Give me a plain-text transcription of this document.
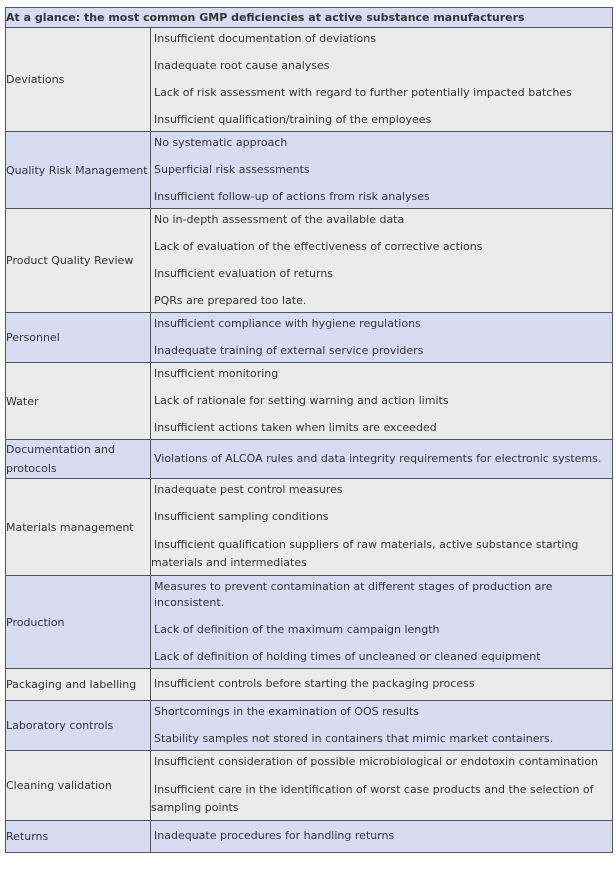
At a glance: the most common GMP deficiencies at active substance manufacturers	
Deviations	Insufficient documentation of deviations
Inadequate root cause analyses
Lack of risk assessment with regard to further potentially impacted batches
Insufficient qualification/training of the employees

Quality Risk Management	No systematic approach
Superficial risk assessments
Insufficient follow-up of actions from risk analyses

Product Quality Review	No in-depth assessment of the available data
Lack of evaluation of the effectiveness of corrective actions
Insufficient evaluation of returns
PQRs are prepared too late.

Personnel	Insufficient compliance with hygiene regulations
Inadequate training of external service providers

Water	Insufficient monitoring
Lack of rationale for setting warning and action limits
Insufficient actions taken when limits are exceeded

Documentation and protocols	Violations of ALCOA rules and data integrity requirements for electronic systems.

Materials management	Inadequate pest control measures
Insufficient sampling conditions
Insufficient qualification suppliers of raw materials, active substance starting materials and intermediates

Production	Measures to prevent contamination at different stages of production are inconsistent.
Lack of definition of the maximum campaign length
Lack of definition of holding times of uncleaned or cleaned equipment

Packaging and labelling	Insufficient controls before starting the packaging process

Laboratory controls	Shortcomings in the examination of OOS results
Stability samples not stored in containers that mimic market containers.

Cleaning validation	Insufficient consideration of possible microbiological or endotoxin contamination
Insufficient care in the identification of worst case products and the selection of sampling points

Returns	Inadequate procedures for handling returns
